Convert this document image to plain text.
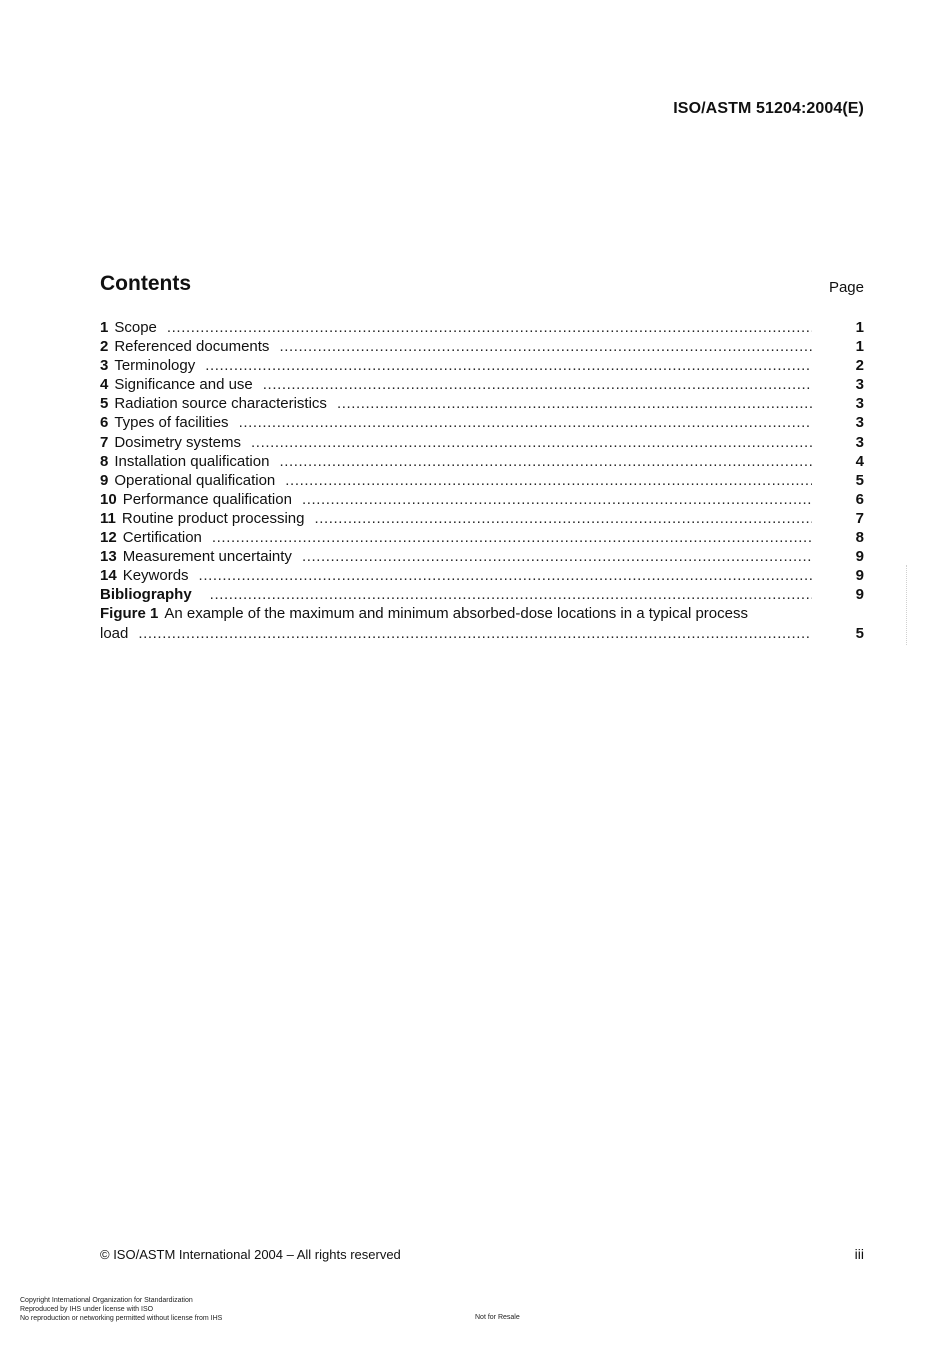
ISO/ASTM 51204:2004(E)
Contents	Page
1 Scope .....	1
2 Referenced documents .....	1
3 Terminology .....	2
4 Significance and use .....	3
5 Radiation source characteristics .....	3
6 Types of facilities .....	3
7 Dosimetry systems .....	3
8 Installation qualification .....	4
9 Operational qualification .....	5
10 Performance qualification .....	6
11 Routine product processing .....	7
12 Certification .....	8
13 Measurement uncertainty .....	9
14 Keywords .....	9
Bibliography .....	9
Figure 1 An example of the maximum and minimum absorbed-dose locations in a typical process
load .....	5
© ISO/ASTM International 2004 – All rights reserved	iii
Copyright International Organization for Standardization
Reproduced by IHS under license with ISO
No reproduction or networking permitted without license from IHS	Not for Resale
